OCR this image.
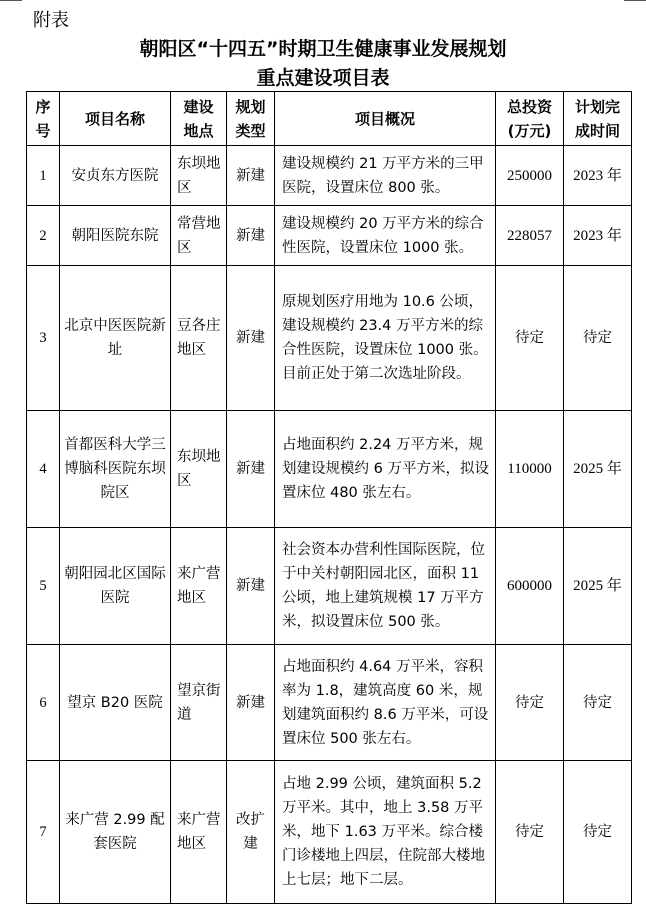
附表
朝阳区“十四五”时期卫生健康事业发展规划
重点建设项目表
序号	项目名称	建设地点	规划类型	项目概况	总投资(万元)	计划完成时间
1	安贞东方医院	东坝地区	新建	建设规模约 21 万平方米的三甲医院，设置床位 800 张。	250000	2023 年
2	朝阳医院东院	常营地区	新建	建设规模约 20 万平方米的综合性医院，设置床位 1000 张。	228057	2023 年
3	北京中医医院新址	豆各庄地区	新建	原规划医疗用地为 10.6 公顷，建设规模约 23.4 万平方米的综合性医院，设置床位 1000 张。目前正处于第二次选址阶段。	待定	待定
4	首都医科大学三博脑科医院东坝院区	东坝地区	新建	占地面积约 2.24 万平方米，规划建设规模约 6 万平方米，拟设置床位 480 张左右。	110000	2025 年
5	朝阳园北区国际医院	来广营地区	新建	社会资本办营利性国际医院，位于中关村朝阳园北区，面积 11 公顷，地上建筑规模 17 万平方米，拟设置床位 500 张。	600000	2025 年
6	望京 B20 医院	望京街道	新建	占地面积约 4.64 万平米，容积率为 1.8，建筑高度 60 米，规划建筑面积约 8.6 万平米，可设置床位 500 张左右。	待定	待定
7	来广营 2.99 配套医院	来广营地区	改扩建	占地 2.99 公顷，建筑面积 5.2 万平米。其中，地上 3.58 万平米，地下 1.63 万平米。综合楼门诊楼地上四层，住院部大楼地上七层；地下二层。	待定	待定
